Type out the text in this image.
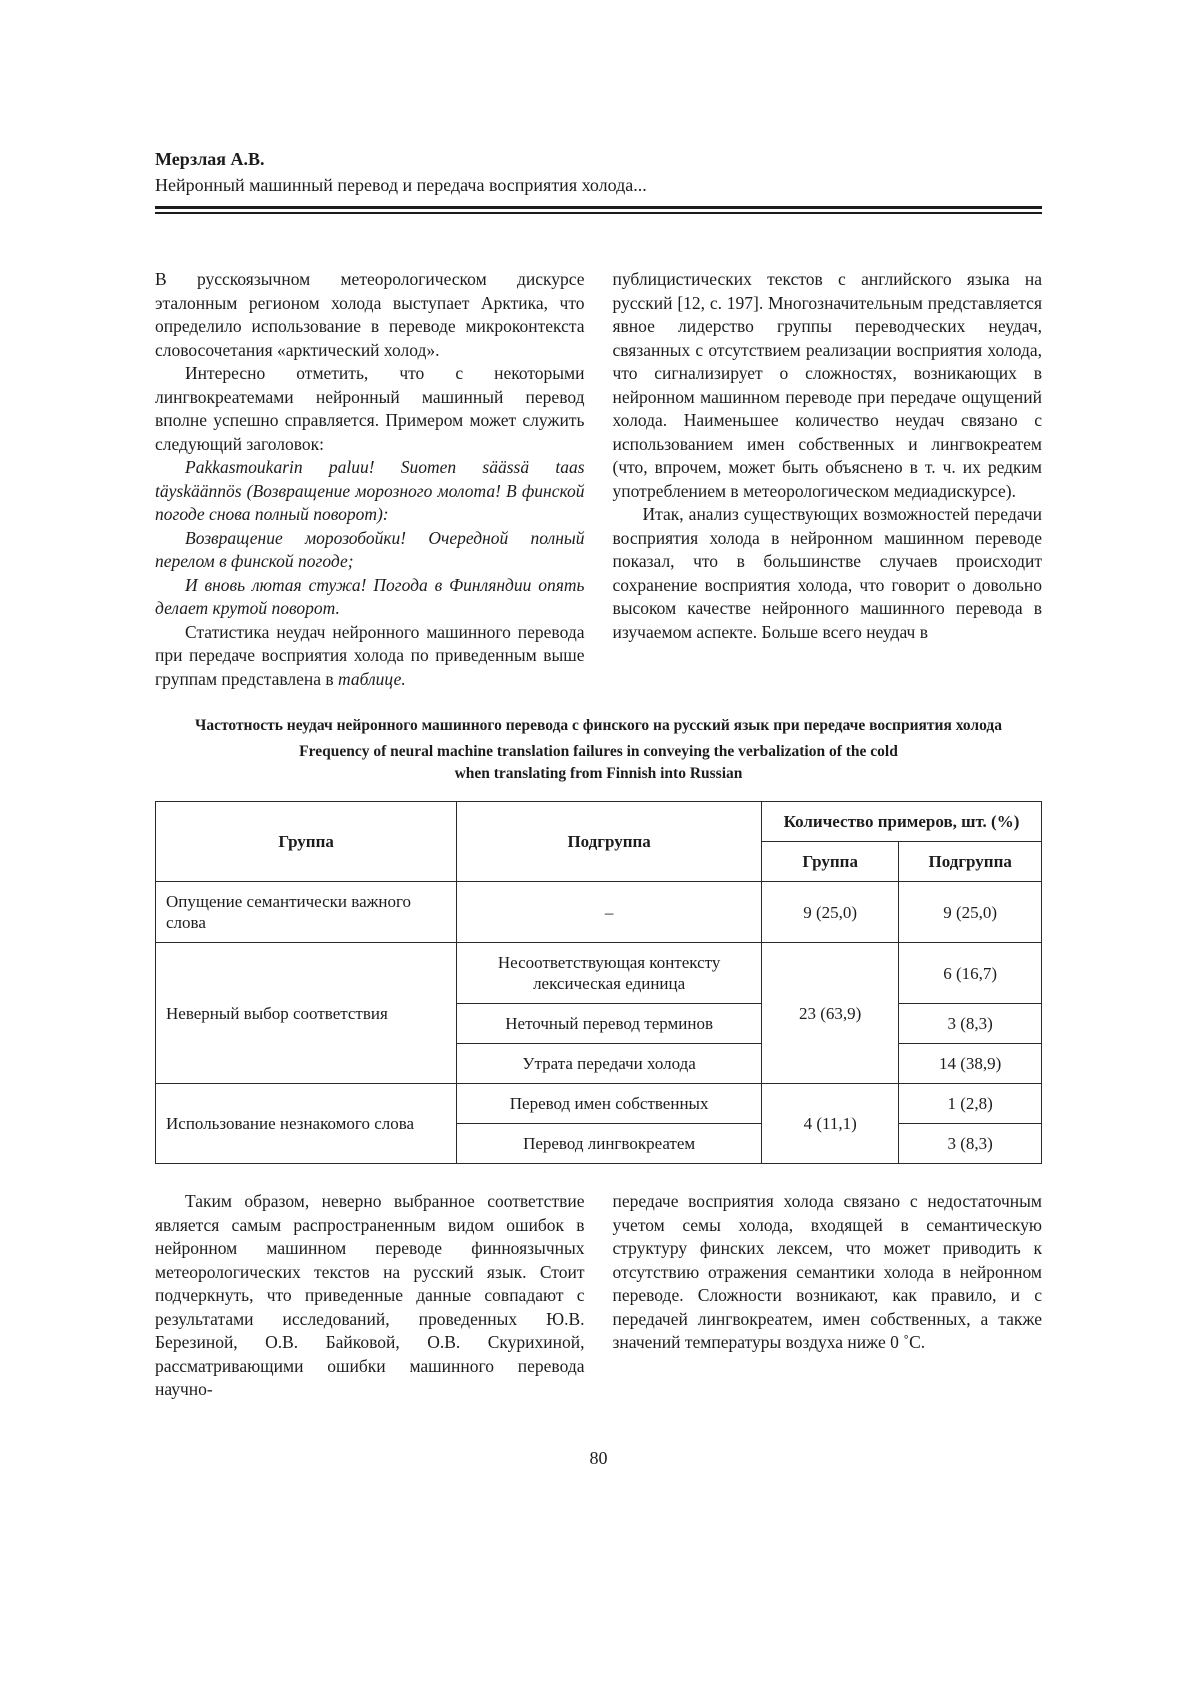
Мерзлая А.В.
Нейронный машинный перевод и передача восприятия холода...

В русскоязычном метеорологическом дискурсе эталонным регионом холода выступает Арктика, что определило использование в переводе микроконтекста словосочетания «арктический холод».

Интересно отметить, что с некоторыми лингвокреатемами нейронный машинный перевод вполне успешно справляется. Примером может служить следующий заголовок:

Pakkasmoukarin paluu! Suomen säässä taas täyskäännös (Возвращение морозного молота! В финской погоде снова полный поворот):

Возвращение морозобойки! Очередной полный перелом в финской погоде;

И вновь лютая стужа! Погода в Финляндии опять делает крутой поворот.

Статистика неудач нейронного машинного перевода при передаче восприятия холода по приведенным выше группам представлена в таблице.

публицистических текстов с английского языка на русский [12, с. 197]. Многозначительным представляется явное лидерство группы переводческих неудач, связанных с отсутствием реализации восприятия холода, что сигнализирует о сложностях, возникающих в нейронном машинном переводе при передаче ощущений холода. Наименьшее количество неудач связано с использованием имен собственных и лингвокреатем (что, впрочем, может быть объяснено в т. ч. их редким употреблением в метеорологическом медиадискурсе).

Итак, анализ существующих возможностей передачи восприятия холода в нейронном машинном переводе показал, что в большинстве случаев происходит сохранение восприятия холода, что говорит о довольно высоком качестве нейронного машинного перевода в изучаемом аспекте. Больше всего неудач в

Частотность неудач нейронного машинного перевода с финского на русский язык при передаче восприятия холода
Frequency of neural machine translation failures in conveying the verbalization of the cold
when translating from Finnish into Russian
Группа	Подгруппа	Количество примеров, шт. (%)	
		Группа	Подгруппа
Опущение семантически важного слова	–	9 (25,0)	9 (25,0)
Неверный выбор соответствия	Несоответствующая контексту лексическая единица	23 (63,9)	6 (16,7)
	Неточный перевод терминов		3 (8,3)
	Утрата передачи холода		14 (38,9)
Использование незнакомого слова	Перевод имен собственных	4 (11,1)	1 (2,8)
	Перевод лингвокреатем		3 (8,3)

Таким образом, неверно выбранное соответствие является самым распространенным видом ошибок в нейронном машинном переводе финноязычных метеорологических текстов на русский язык. Стоит подчеркнуть, что приведенные данные совпадают с результатами исследований, проведенных Ю.В. Березиной, О.В. Байковой, О.В. Скурихиной, рассматривающими ошибки машинного перевода научно-

передаче восприятия холода связано с недостаточным учетом семы холода, входящей в семантическую структуру финских лексем, что может приводить к отсутствию отражения семантики холода в нейронном переводе. Сложности возникают, как правило, и с передачей лингвокреатем, имен собственных, а также значений температуры воздуха ниже 0 ˚С.

80
